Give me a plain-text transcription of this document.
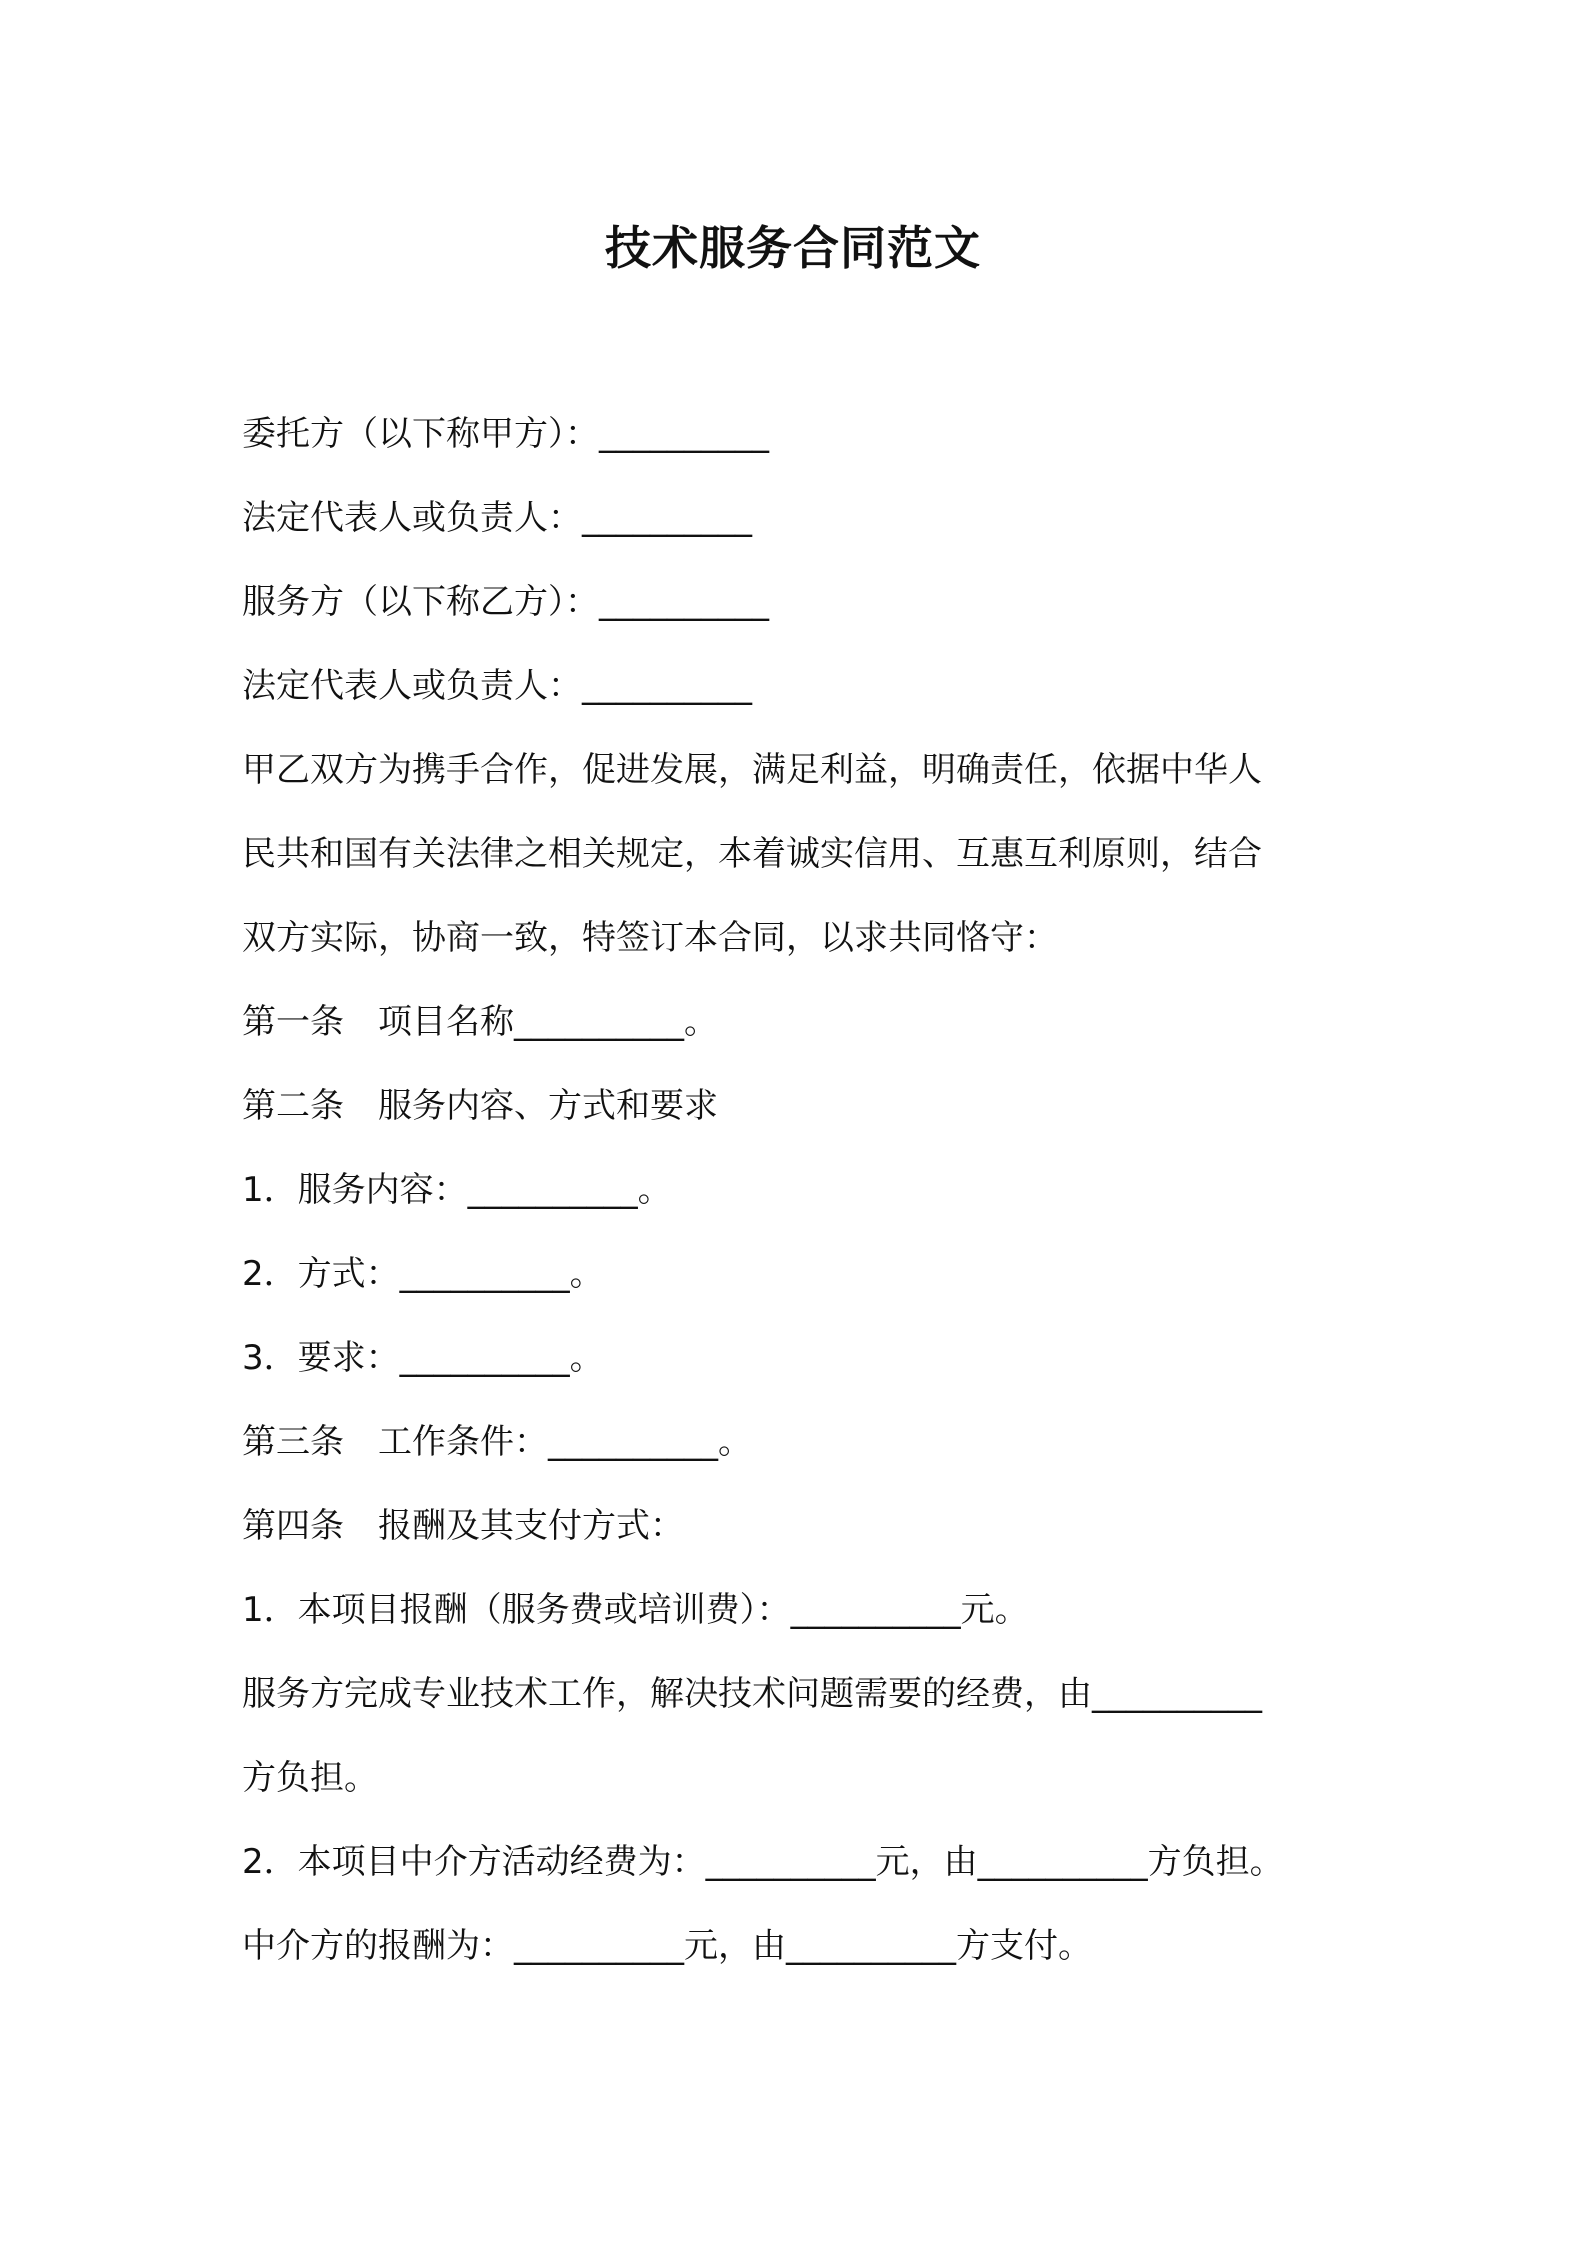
技术服务合同范文
委托方（以下称甲方）：__________
法定代表人或负责人：__________
服务方（以下称乙方）：__________
法定代表人或负责人：__________
甲乙双方为携手合作，促进发展，满足利益，明确责任，依据中华人
民共和国有关法律之相关规定，本着诚实信用、互惠互利原则，结合
双方实际，协商一致，特签订本合同，以求共同恪守：
第一条　项目名称__________。
第二条　服务内容、方式和要求
1．服务内容：__________。
2．方式：__________。
3．要求：__________。
第三条　工作条件：__________。
第四条　报酬及其支付方式：
1．本项目报酬（服务费或培训费）：__________元。
服务方完成专业技术工作，解决技术问题需要的经费，由__________
方负担。
2．本项目中介方活动经费为：__________元，由__________方负担。
中介方的报酬为：__________元，由__________方支付。
